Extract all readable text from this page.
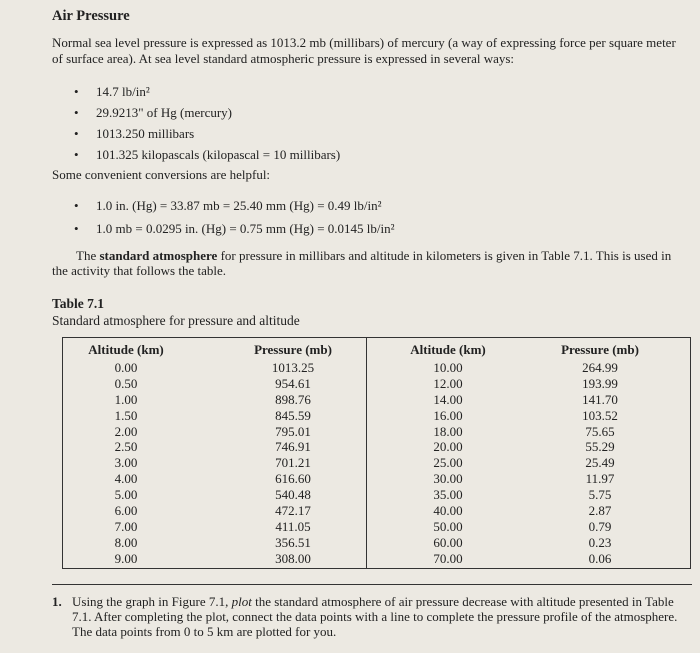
Air Pressure
Normal sea level pressure is expressed as 1013.2 mb (millibars) of mercury (a way of expressing force per square meter of surface area). At sea level standard atmospheric pressure is expressed in several ways:
• 14.7 lb/in²
• 29.9213" of Hg (mercury)
• 1013.250 millibars
• 101.325 kilopascals (kilopascal = 10 millibars)
Some convenient conversions are helpful:
• 1.0 in. (Hg) = 33.87 mb = 25.40 mm (Hg) = 0.49 lb/in²
• 1.0 mb = 0.0295 in. (Hg) = 0.75 mm (Hg) = 0.0145 lb/in²
The standard atmosphere for pressure in millibars and altitude in kilometers is given in Table 7.1. This is used in the activity that follows the table.
Table 7.1
Standard atmosphere for pressure and altitude
Altitude (km)
0.00
0.50
1.00
1.50
2.00
2.50
3.00
4.00
5.00
6.00
7.00
8.00
9.00
Pressure (mb)
1013.25
954.61
898.76
845.59
795.01
746.91
701.21
616.60
540.48
472.17
411.05
356.51
308.00
Altitude (km)
10.00
12.00
14.00
16.00
18.00
20.00
25.00
30.00
35.00
40.00
50.00
60.00
70.00
Pressure (mb)
264.99
193.99
141.70
103.52
75.65
55.29
25.49
11.97
5.75
2.87
0.79
0.23
0.06
1. Using the graph in Figure 7.1, plot the standard atmosphere of air pressure decrease with altitude presented in Table 7.1. After completing the plot, connect the data points with a line to complete the pressure profile of the atmosphere. The data points from 0 to 5 km are plotted for you.
